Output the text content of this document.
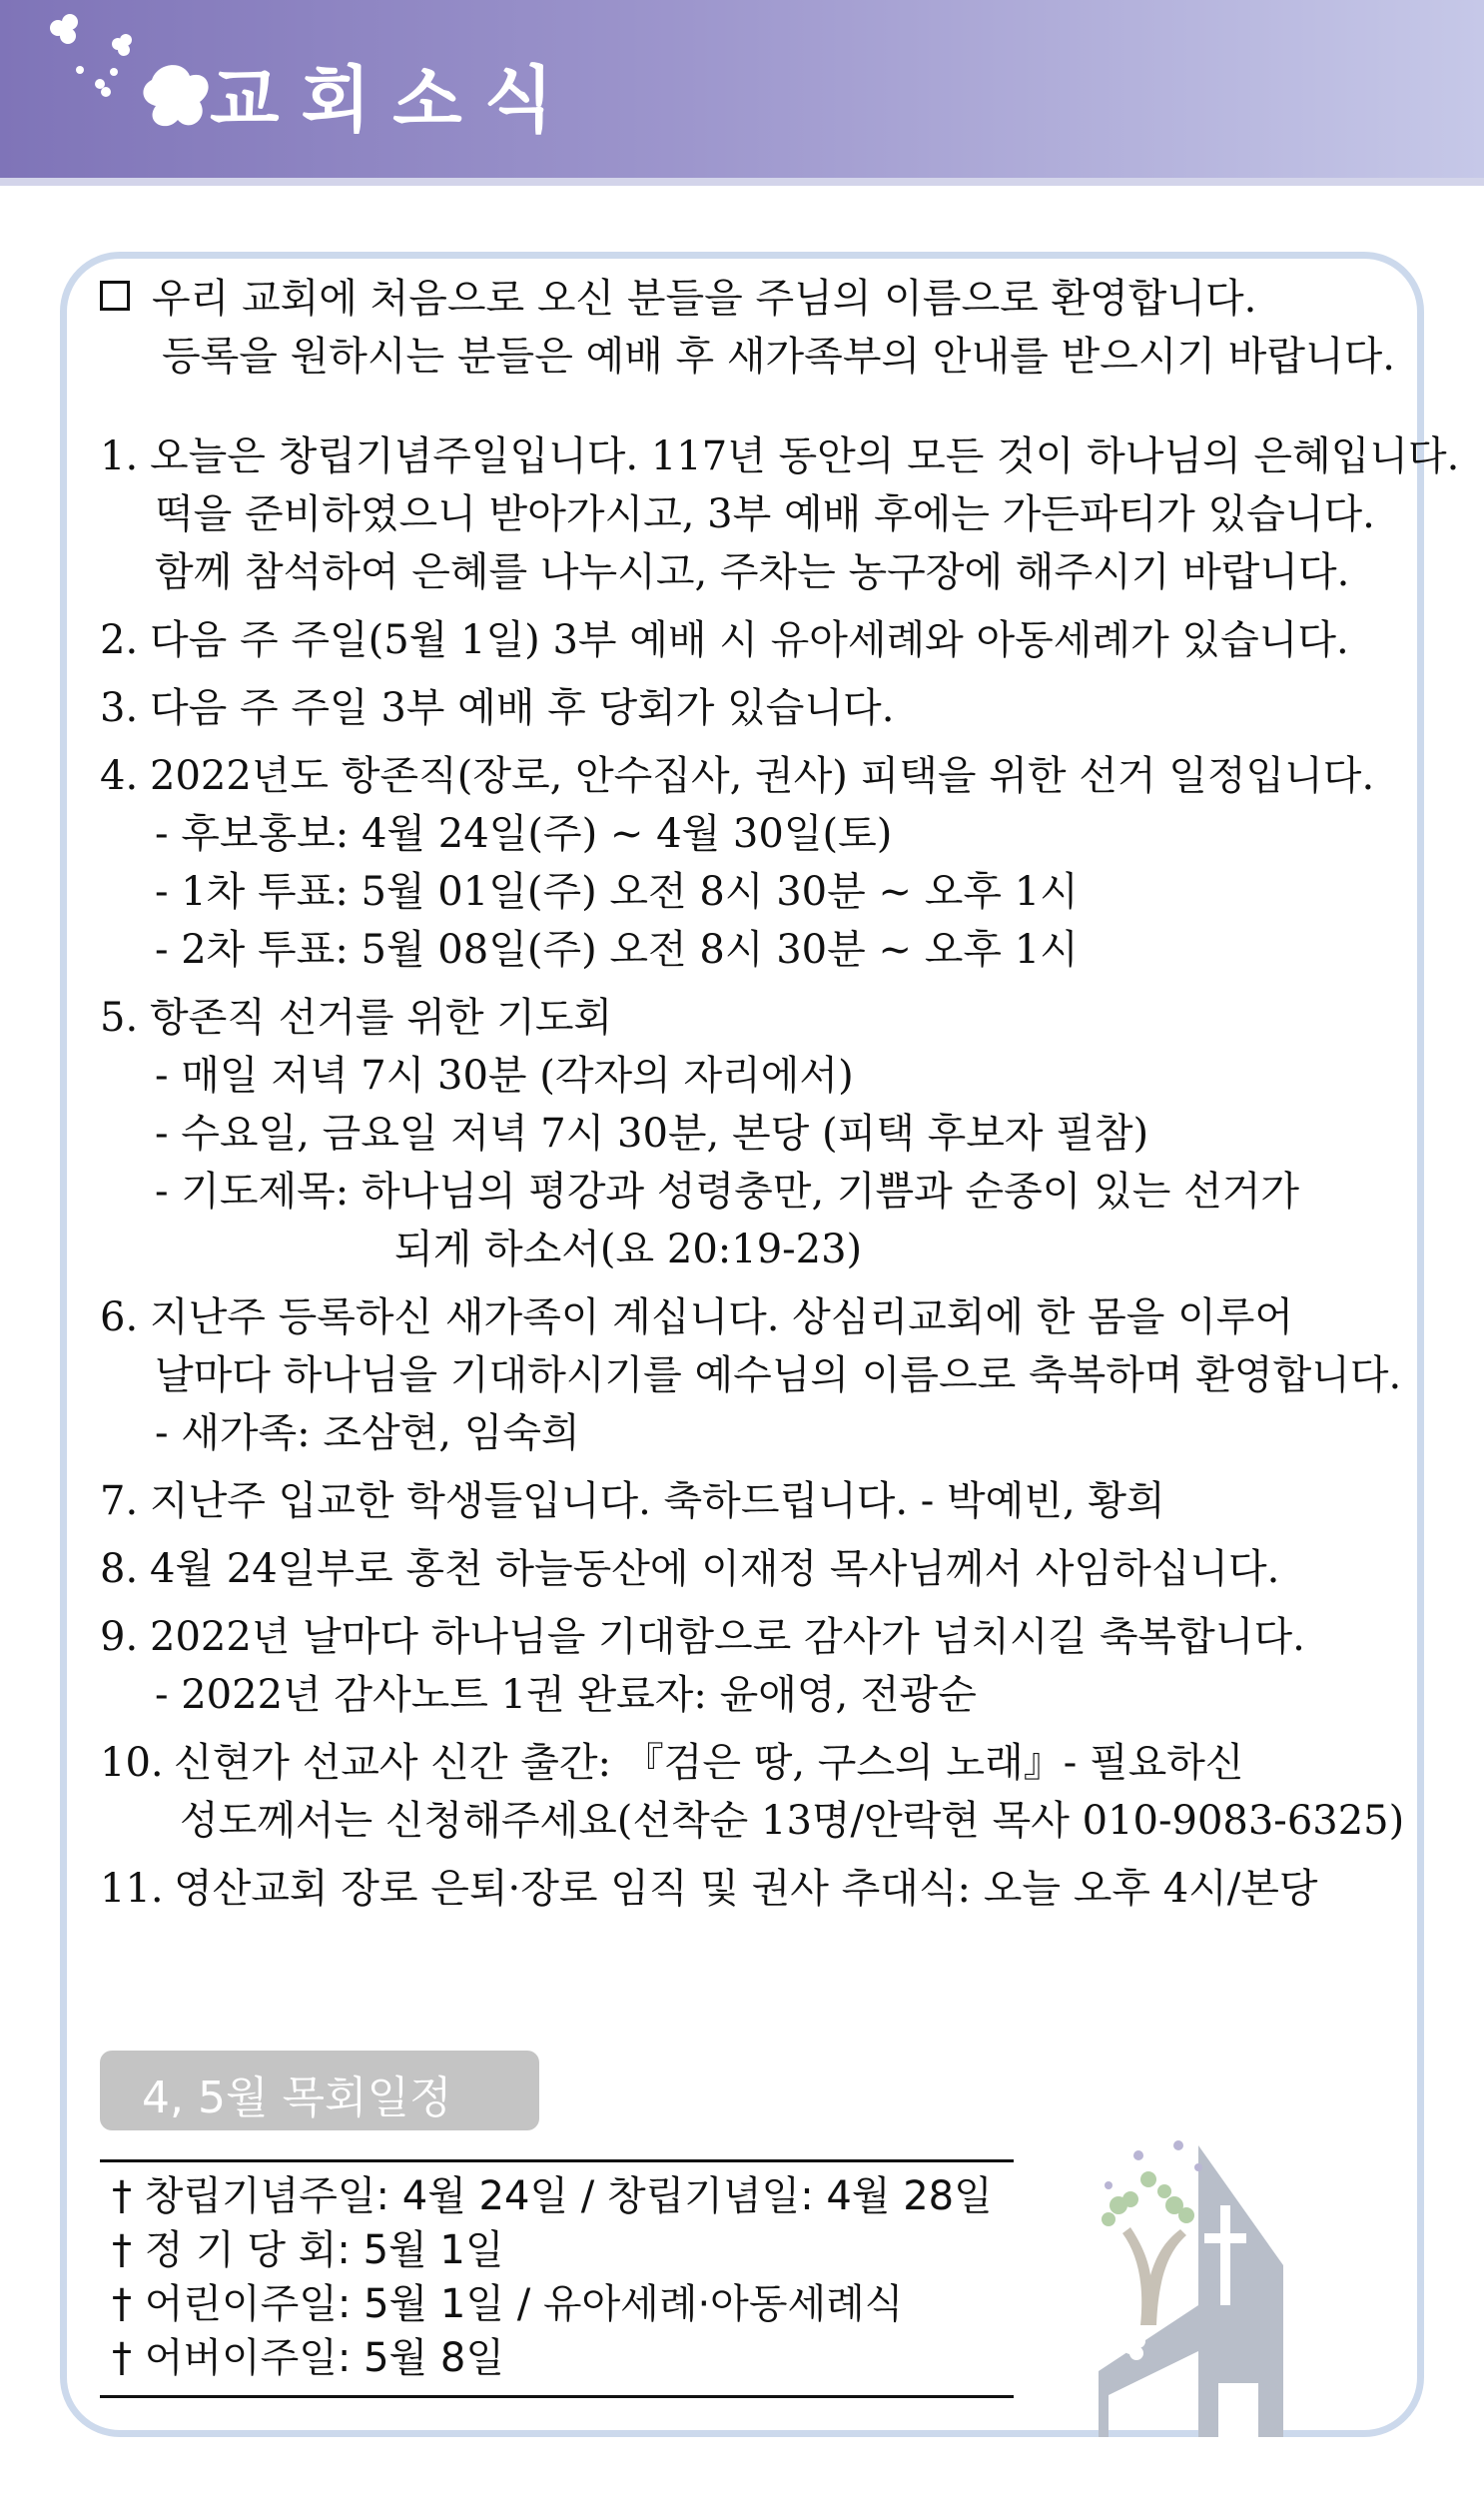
교회소식
우리 교회에 처음으로 오신 분들을 주님의 이름으로 환영합니다.
등록을 원하시는 분들은 예배 후 새가족부의 안내를 받으시기 바랍니다.
1. 오늘은 창립기념주일입니다. 117년 동안의 모든 것이 하나님의 은혜입니다.
떡을 준비하였으니 받아가시고, 3부 예배 후에는 가든파티가 있습니다.
함께 참석하여 은혜를 나누시고, 주차는 농구장에 해주시기 바랍니다.
2. 다음 주 주일(5월 1일) 3부 예배 시 유아세례와 아동세례가 있습니다.
3. 다음 주 주일 3부 예배 후 당회가 있습니다.
4. 2022년도 항존직(장로, 안수집사, 권사) 피택을 위한 선거 일정입니다.
- 후보홍보: 4월 24일(주) ~ 4월 30일(토)
- 1차 투표: 5월 01일(주) 오전 8시 30분 ~ 오후 1시
- 2차 투표: 5월 08일(주) 오전 8시 30분 ~ 오후 1시
5. 항존직 선거를 위한 기도회
- 매일 저녁 7시 30분 (각자의 자리에서)
- 수요일, 금요일 저녁 7시 30분, 본당 (피택 후보자 필참)
- 기도제목: 하나님의 평강과 성령충만, 기쁨과 순종이 있는 선거가
되게 하소서(요 20:19-23)
6. 지난주 등록하신 새가족이 계십니다. 상심리교회에 한 몸을 이루어
날마다 하나님을 기대하시기를 예수님의 이름으로 축복하며 환영합니다.
- 새가족: 조삼현, 임숙희
7. 지난주 입교한 학생들입니다. 축하드립니다. - 박예빈, 황희
8. 4월 24일부로 홍천 하늘동산에 이재정 목사님께서 사임하십니다.
9. 2022년 날마다 하나님을 기대함으로 감사가 넘치시길 축복합니다.
- 2022년 감사노트 1권 완료자: 윤애영, 전광순
10. 신현가 선교사 신간 출간: 『검은 땅, 구스의 노래』- 필요하신
성도께서는 신청해주세요(선착순 13명/안락현 목사 010-9083-6325)
11. 영산교회 장로 은퇴·장로 임직 및 권사 추대식: 오늘 오후 4시/본당
4, 5월 목회일정
† 창립기념주일: 4월 24일 / 창립기념일: 4월 28일
† 정 기 당 회: 5월 1일
† 어린이주일: 5월 1일 / 유아세례·아동세례식
† 어버이주일: 5월 8일
